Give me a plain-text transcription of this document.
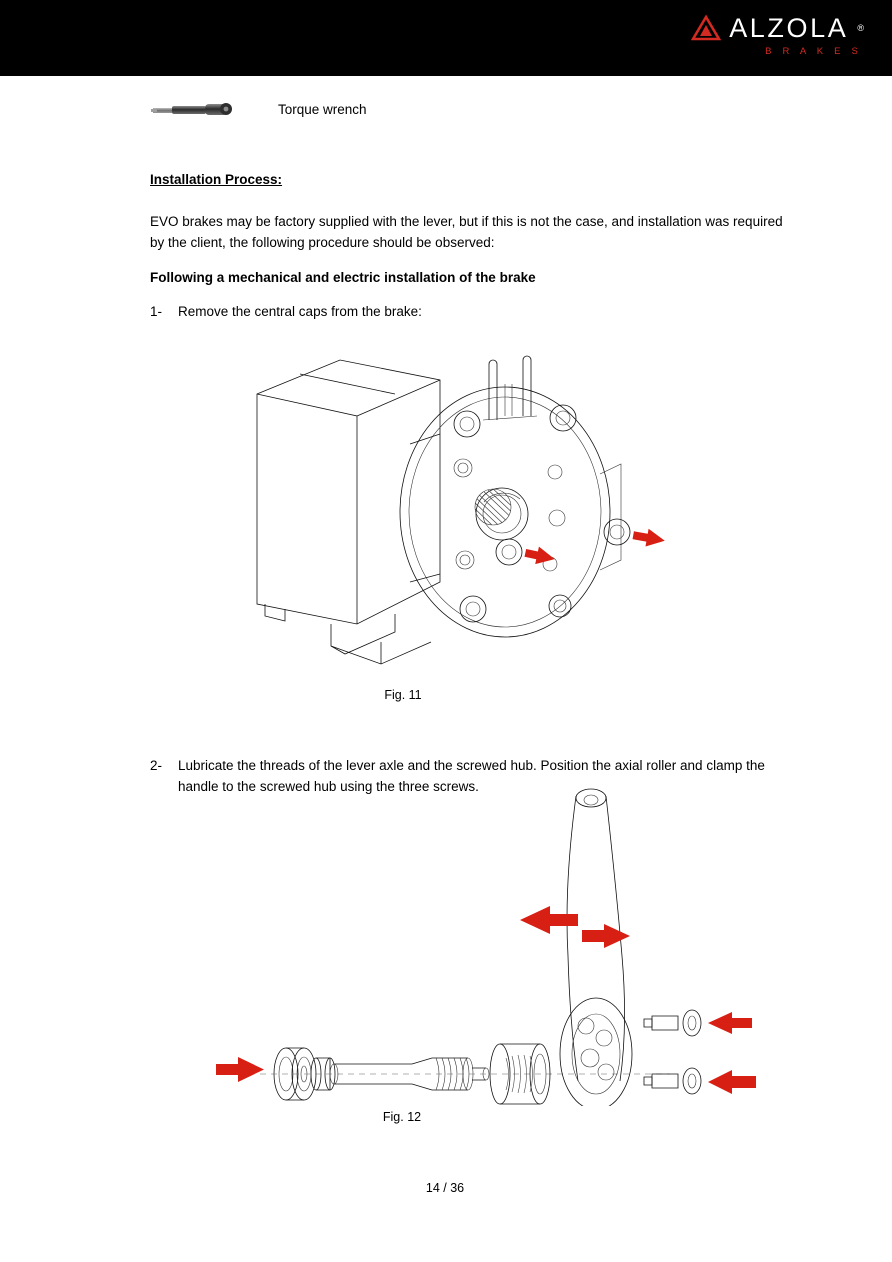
ALZOLA ®
B R A K E S
Torque wrench
Installation Process:
EVO brakes may be factory supplied with the lever, but if this is not the case, and installation was required by the client, the following procedure should be observed:
Following a mechanical and electric installation of the brake
1-	Remove the central caps from the brake:
Fig. 11
2-	Lubricate the threads of the lever axle and the screwed hub. Position the axial roller and clamp the handle to the screwed hub using the three screws.
Fig. 12
14 / 36
